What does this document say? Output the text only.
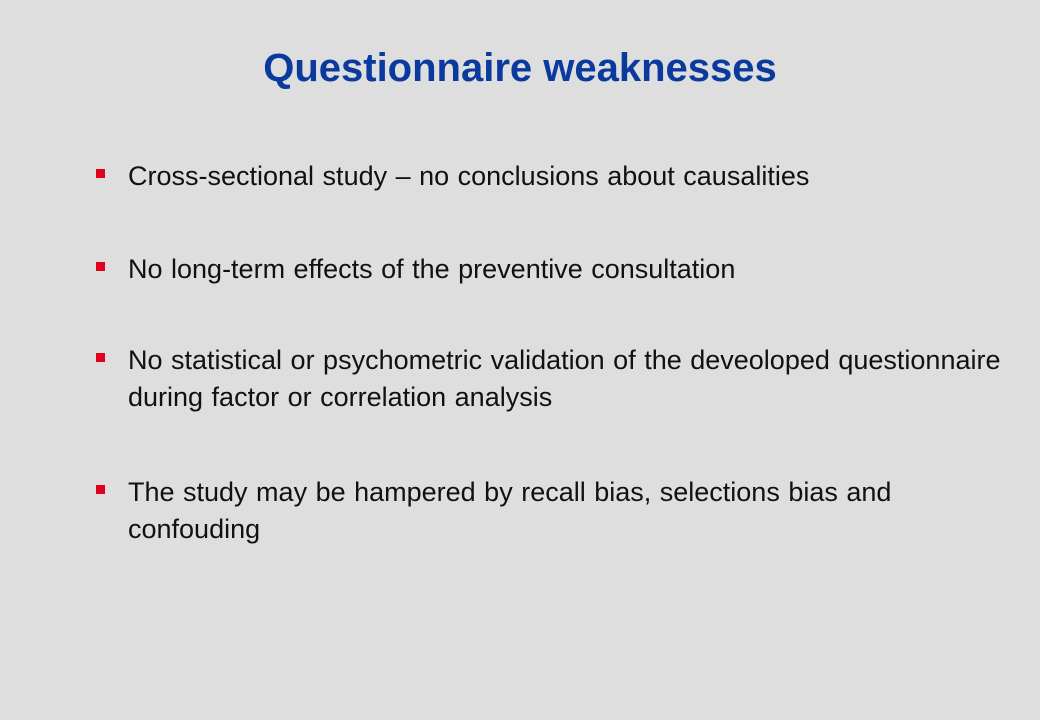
Questionnaire weaknesses
Cross-sectional study – no conclusions about causalities
No long-term effects of the preventive consultation
No statistical or psychometric validation of the deveoloped questionnaire during factor or correlation analysis
The study may be hampered by recall bias, selections bias and confouding
